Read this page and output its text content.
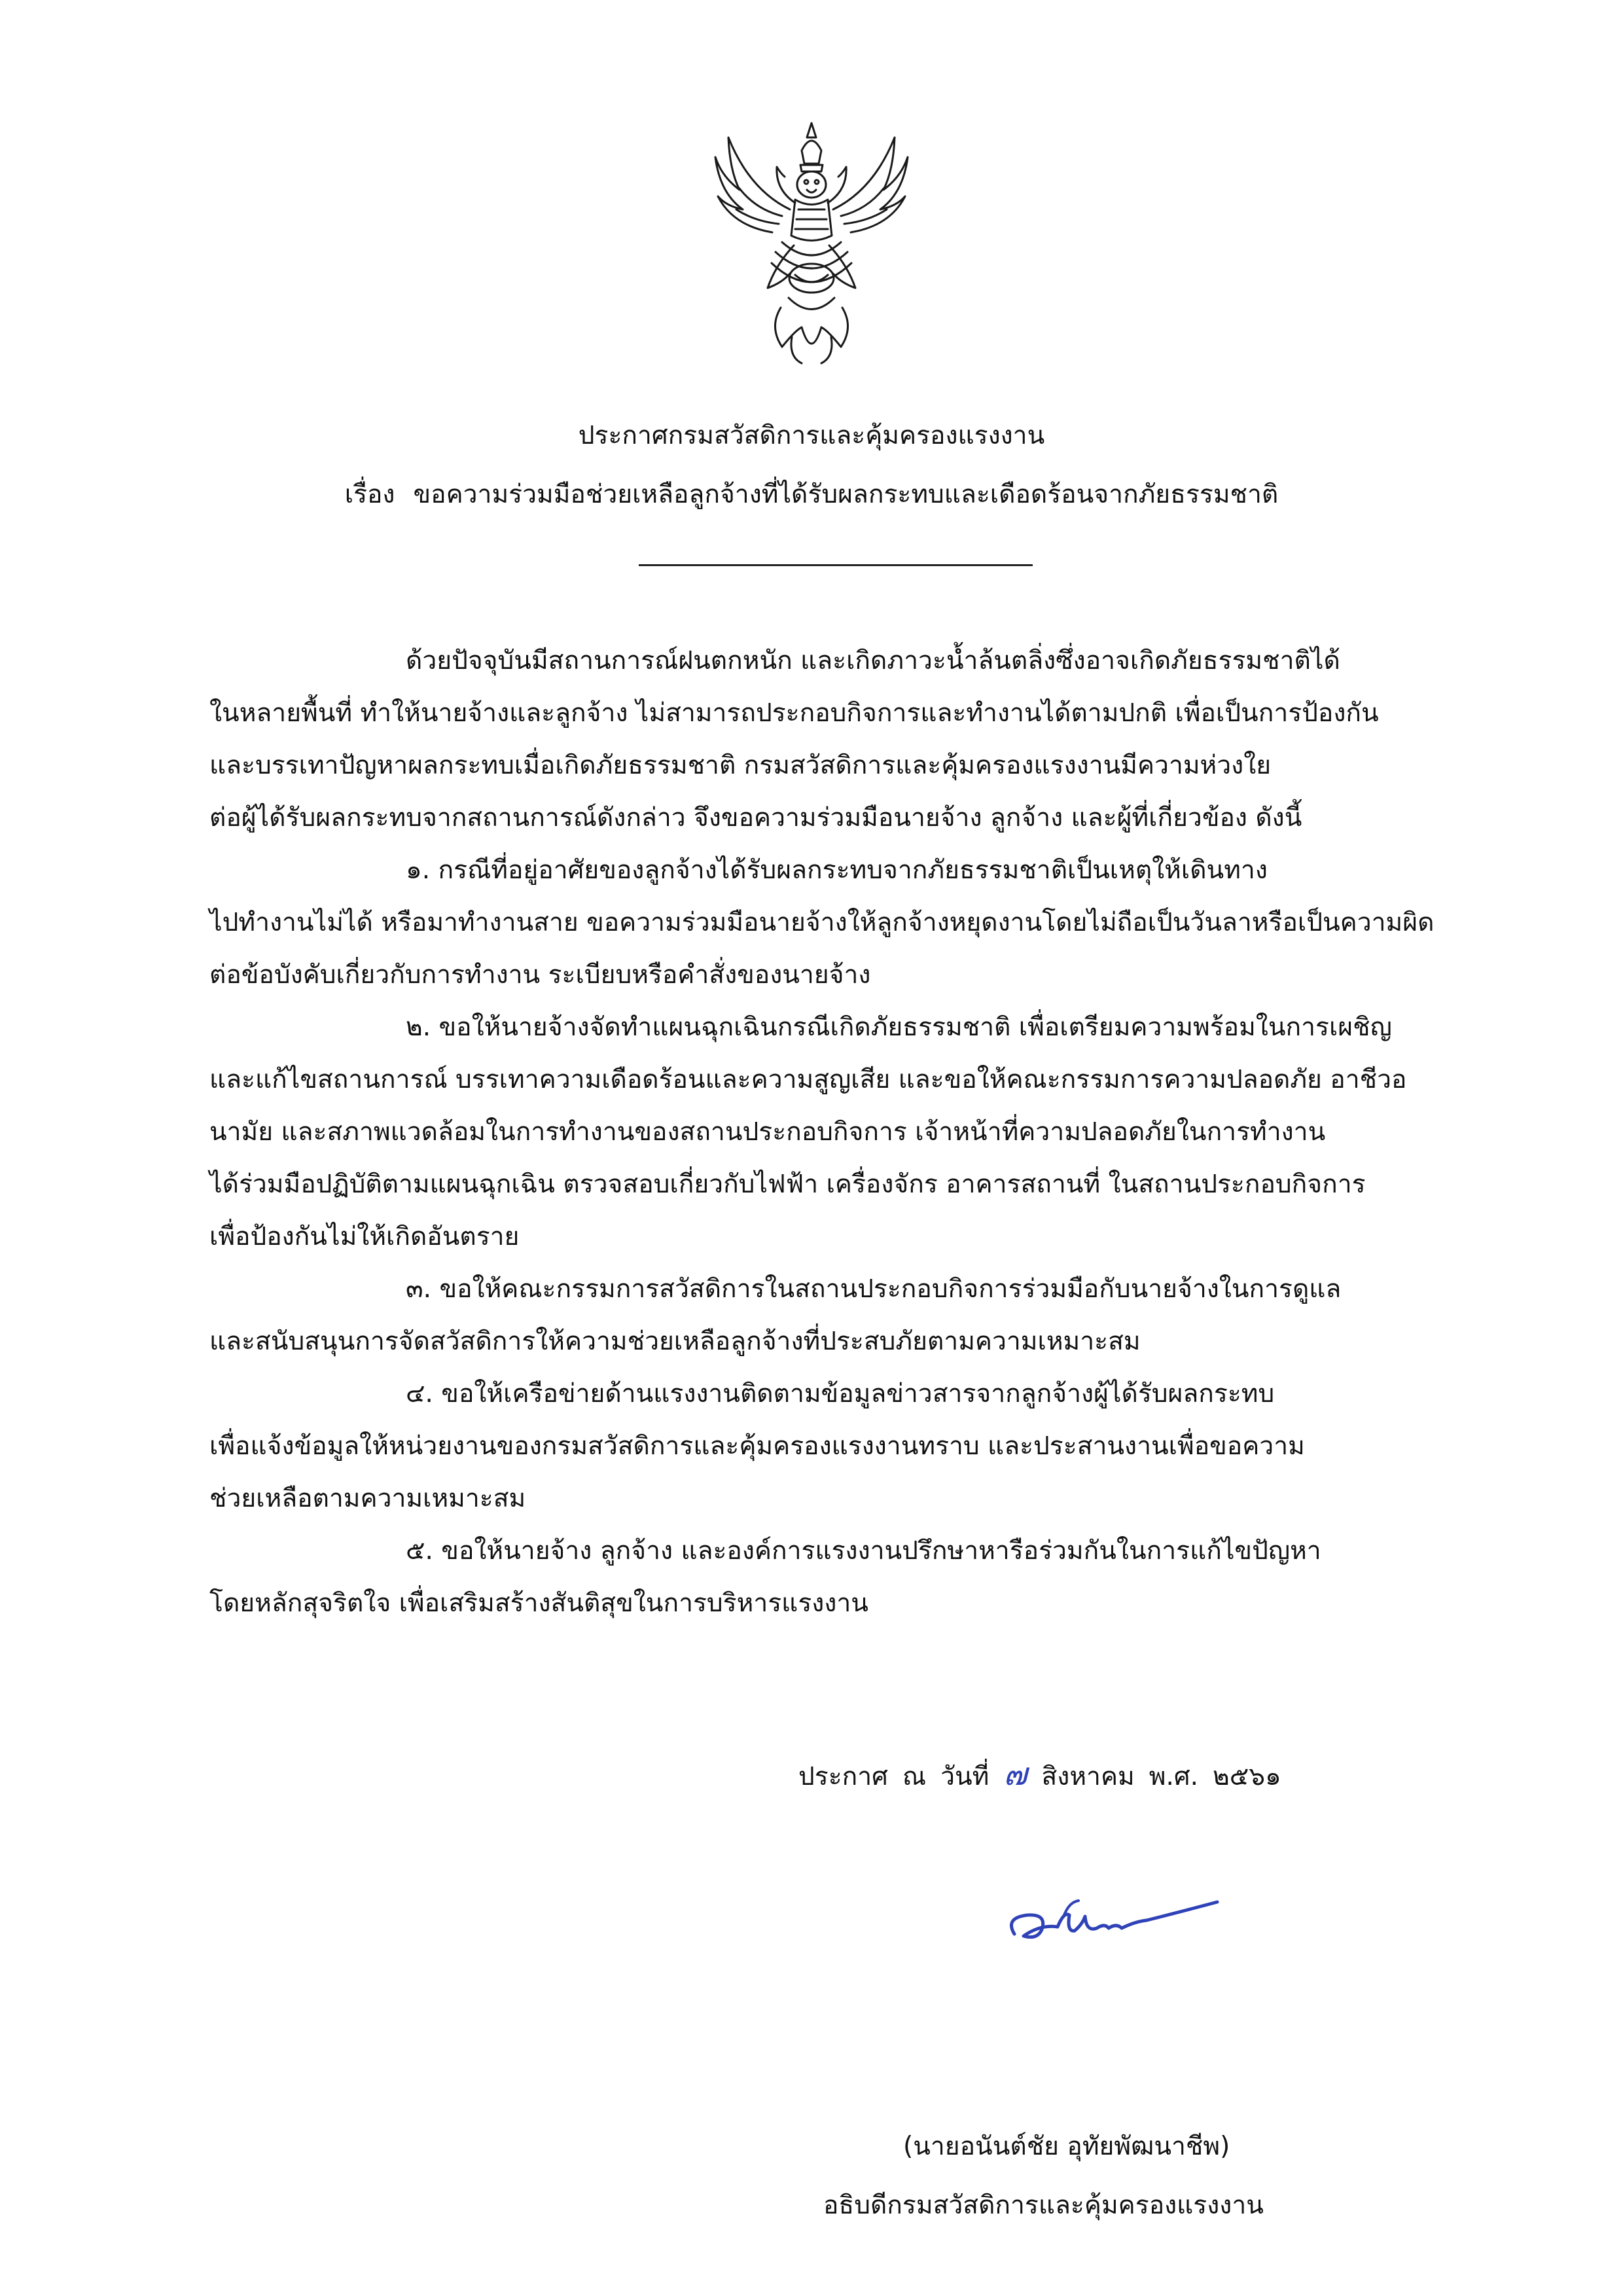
ประกาศกรมสวัสดิการและคุ้มครองแรงงาน
เรื่อง ขอความร่วมมือช่วยเหลือลูกจ้างที่ได้รับผลกระทบและเดือดร้อนจากภัยธรรมชาติ
ด้วยปัจจุบันมีสถานการณ์ฝนตกหนัก และเกิดภาวะน้ำล้นตลิ่งซึ่งอาจเกิดภัยธรรมชาติได้
ในหลายพื้นที่ ทำให้นายจ้างและลูกจ้าง ไม่สามารถประกอบกิจการและทำงานได้ตามปกติ เพื่อเป็นการป้องกัน
และบรรเทาปัญหาผลกระทบเมื่อเกิดภัยธรรมชาติ กรมสวัสดิการและคุ้มครองแรงงานมีความห่วงใย
ต่อผู้ได้รับผลกระทบจากสถานการณ์ดังกล่าว จึงขอความร่วมมือนายจ้าง ลูกจ้าง และผู้ที่เกี่ยวข้อง ดังนี้
๑. กรณีที่อยู่อาศัยของลูกจ้างได้รับผลกระทบจากภัยธรรมชาติเป็นเหตุให้เดินทาง
ไปทำงานไม่ได้ หรือมาทำงานสาย ขอความร่วมมือนายจ้างให้ลูกจ้างหยุดงานโดยไม่ถือเป็นวันลาหรือเป็นความผิด
ต่อข้อบังคับเกี่ยวกับการทำงาน ระเบียบหรือคำสั่งของนายจ้าง
๒. ขอให้นายจ้างจัดทำแผนฉุกเฉินกรณีเกิดภัยธรรมชาติ เพื่อเตรียมความพร้อมในการเผชิญ
และแก้ไขสถานการณ์ บรรเทาความเดือดร้อนและความสูญเสีย และขอให้คณะกรรมการความปลอดภัย อาชีวอ
นามัย และสภาพแวดล้อมในการทำงานของสถานประกอบกิจการ เจ้าหน้าที่ความปลอดภัยในการทำงาน
ได้ร่วมมือปฏิบัติตามแผนฉุกเฉิน ตรวจสอบเกี่ยวกับไฟฟ้า เครื่องจักร อาคารสถานที่ ในสถานประกอบกิจการ
เพื่อป้องกันไม่ให้เกิดอันตราย
๓. ขอให้คณะกรรมการสวัสดิการในสถานประกอบกิจการร่วมมือกับนายจ้างในการดูแล
และสนับสนุนการจัดสวัสดิการให้ความช่วยเหลือลูกจ้างที่ประสบภัยตามความเหมาะสม
๔. ขอให้เครือข่ายด้านแรงงานติดตามข้อมูลข่าวสารจากลูกจ้างผู้ได้รับผลกระทบ
เพื่อแจ้งข้อมูลให้หน่วยงานของกรมสวัสดิการและคุ้มครองแรงงานทราบ และประสานงานเพื่อขอความ
ช่วยเหลือตามความเหมาะสม
๕. ขอให้นายจ้าง ลูกจ้าง และองค์การแรงงานปรึกษาหารือร่วมกันในการแก้ไขปัญหา
โดยหลักสุจริตใจ เพื่อเสริมสร้างสันติสุขในการบริหารแรงงาน
ประกาศ ณ วันที่ ๗ สิงหาคม พ.ศ. ๒๕๖๑
(นายอนันต์ชัย อุทัยพัฒนาชีพ)
อธิบดีกรมสวัสดิการและคุ้มครองแรงงาน
